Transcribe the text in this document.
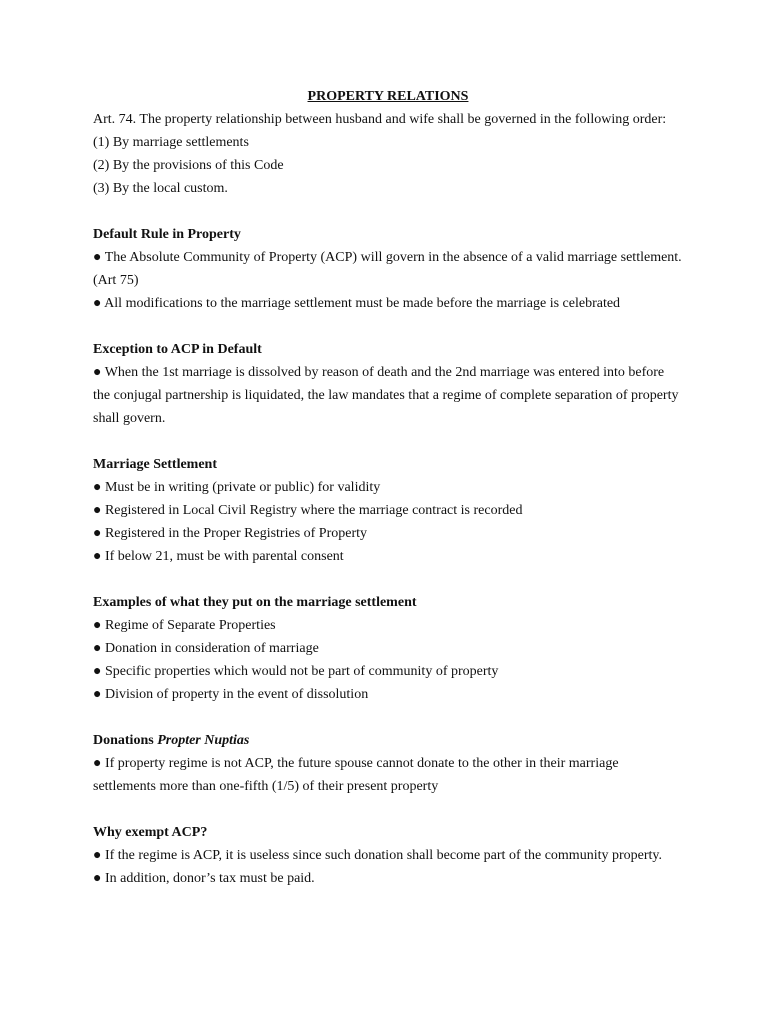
PROPERTY RELATIONS

Art. 74. The property relationship between husband and wife shall be governed in the following order:

(1) By marriage settlements
(2) By the provisions of this Code
(3) By the local custom.
Default Rule in Property
● The Absolute Community of Property (ACP) will govern in the absence of a valid marriage settlement. (Art 75)
● All modifications to the marriage settlement must be made before the marriage is celebrated
Exception to ACP in Default
● When the 1st marriage is dissolved by reason of death and the 2nd marriage was entered into before the conjugal partnership is liquidated, the law mandates that a regime of complete separation of property shall govern.
Marriage Settlement
● Must be in writing (private or public) for validity
● Registered in Local Civil Registry where the marriage contract is recorded
● Registered in the Proper Registries of Property
● If below 21, must be with parental consent
Examples of what they put on the marriage settlement
● Regime of Separate Properties
● Donation in consideration of marriage
● Specific properties which would not be part of community of property
● Division of property in the event of dissolution
Donations Propter Nuptias
● If property regime is not ACP, the future spouse cannot donate to the other in their marriage settlements more than one-fifth (1/5) of their present property
Why exempt ACP?
● If the regime is ACP, it is useless since such donation shall become part of the community property.
● In addition, donor’s tax must be paid.
